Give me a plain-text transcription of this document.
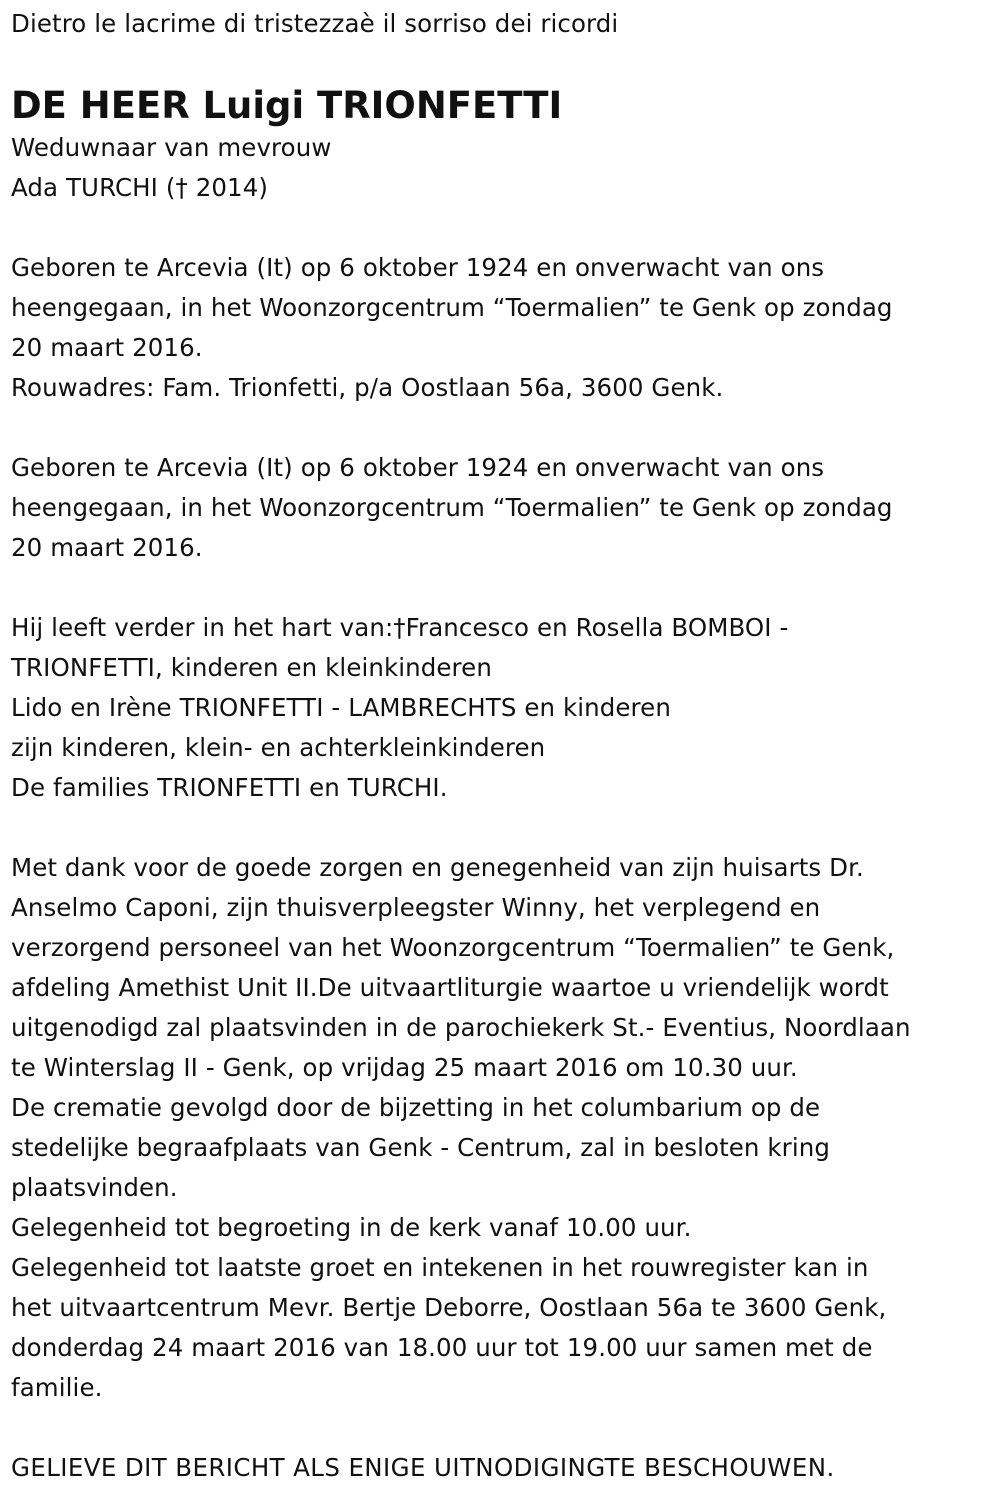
Dietro le lacrime di tristezzaè il sorriso dei ricordi
DE HEER Luigi TRIONFETTI
Weduwnaar van mevrouw
Ada TURCHI († 2014)
Geboren te Arcevia (It) op 6 oktober 1924 en onverwacht van ons
heengegaan, in het Woonzorgcentrum “Toermalien” te Genk op zondag
20 maart 2016.
Rouwadres: Fam. Trionfetti, p/a Oostlaan 56a, 3600 Genk.
Geboren te Arcevia (It) op 6 oktober 1924 en onverwacht van ons
heengegaan, in het Woonzorgcentrum “Toermalien” te Genk op zondag
20 maart 2016.
Hij leeft verder in het hart van:†Francesco en Rosella BOMBOI -
TRIONFETTI, kinderen en kleinkinderen
Lido en Irène TRIONFETTI - LAMBRECHTS en kinderen
zijn kinderen, klein- en achterkleinkinderen
De families TRIONFETTI en TURCHI.
Met dank voor de goede zorgen en genegenheid van zijn huisarts Dr.
Anselmo Caponi, zijn thuisverpleegster Winny, het verplegend en
verzorgend personeel van het Woonzorgcentrum “Toermalien” te Genk,
afdeling Amethist Unit II.De uitvaartliturgie waartoe u vriendelijk wordt
uitgenodigd zal plaatsvinden in de parochiekerk St.- Eventius, Noordlaan
te Winterslag II - Genk, op vrijdag 25 maart 2016 om 10.30 uur.
De crematie gevolgd door de bijzetting in het columbarium op de
stedelijke begraafplaats van Genk - Centrum, zal in besloten kring
plaatsvinden.
Gelegenheid tot begroeting in de kerk vanaf 10.00 uur.
Gelegenheid tot laatste groet en intekenen in het rouwregister kan in
het uitvaartcentrum Mevr. Bertje Deborre, Oostlaan 56a te 3600 Genk,
donderdag 24 maart 2016 van 18.00 uur tot 19.00 uur samen met de
familie.
GELIEVE DIT BERICHT ALS ENIGE UITNODIGINGTE BESCHOUWEN.
